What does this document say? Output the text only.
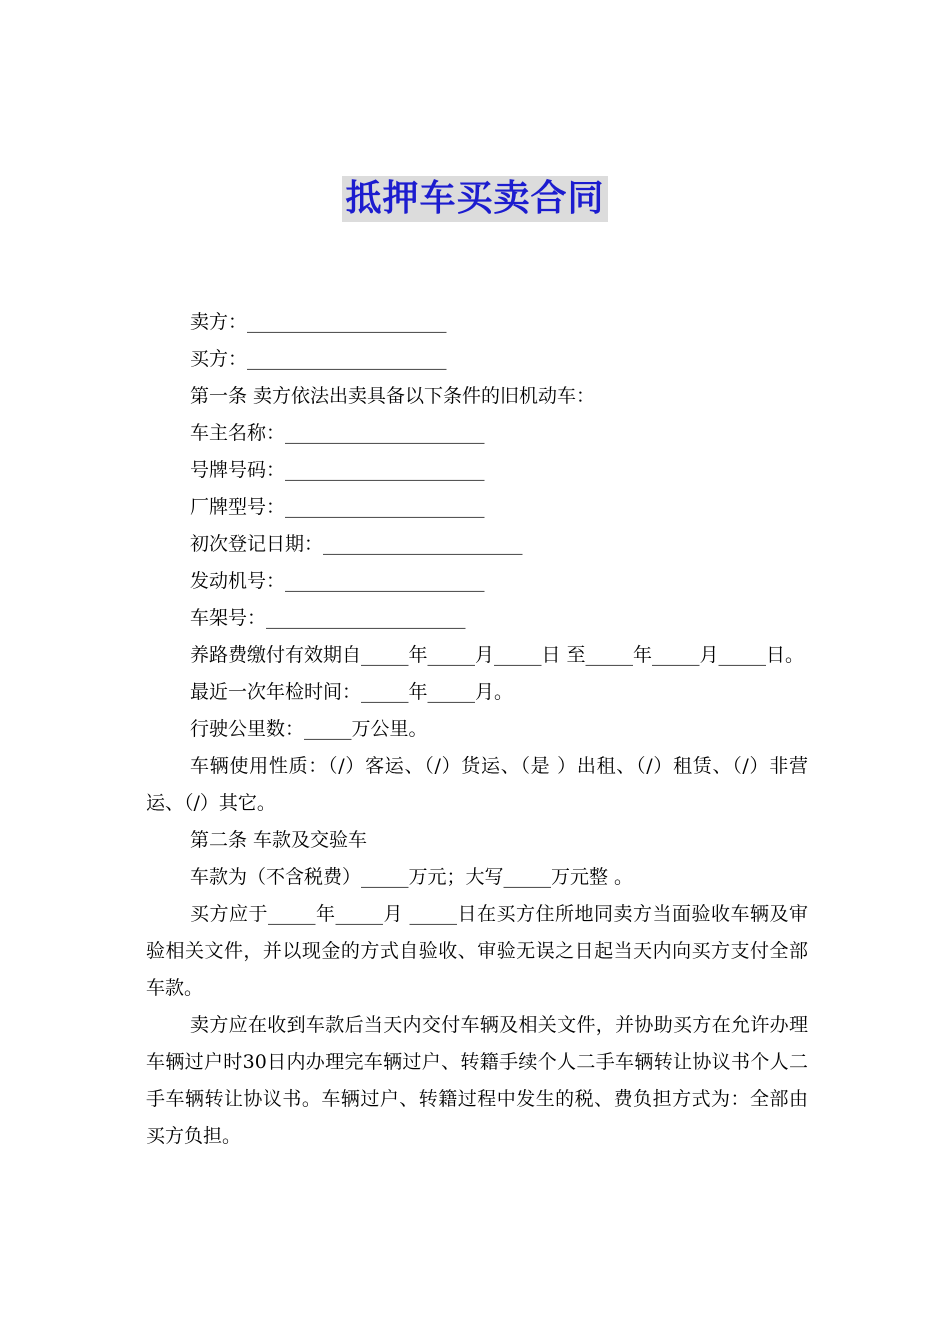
抵押车买卖合同

卖方：_____________________

买方：_____________________

第一条 卖方依法出卖具备以下条件的旧机动车：

车主名称：_____________________

号牌号码：_____________________

厂牌型号：_____________________

初次登记日期：_____________________

发动机号：_____________________

车架号：_____________________

养路费缴付有效期自_____年_____月_____日 至_____年_____月_____日。

最近一次年检时间：_____年_____月。

行驶公里数：_____万公里。

车辆使用性质：（/）客运、（/）货运、（是 ）出租、（/）租赁、（/）非营运、（/）其它。

第二条 车款及交验车

车款为（不含税费）_____万元；大写_____万元整 。

买方应于_____年_____月 _____日在买方住所地同卖方当面验收车辆及审验相关文件，并以现金的方式自验收、审验无误之日起当天内向买方支付全部车款。

卖方应在收到车款后当天内交付车辆及相关文件，并协助买方在允许办理车辆过户时30日内办理完车辆过户、转籍手续个人二手车辆转让协议书个人二手车辆转让协议书。车辆过户、转籍过程中发生的税、费负担方式为：全部由买方负担。
